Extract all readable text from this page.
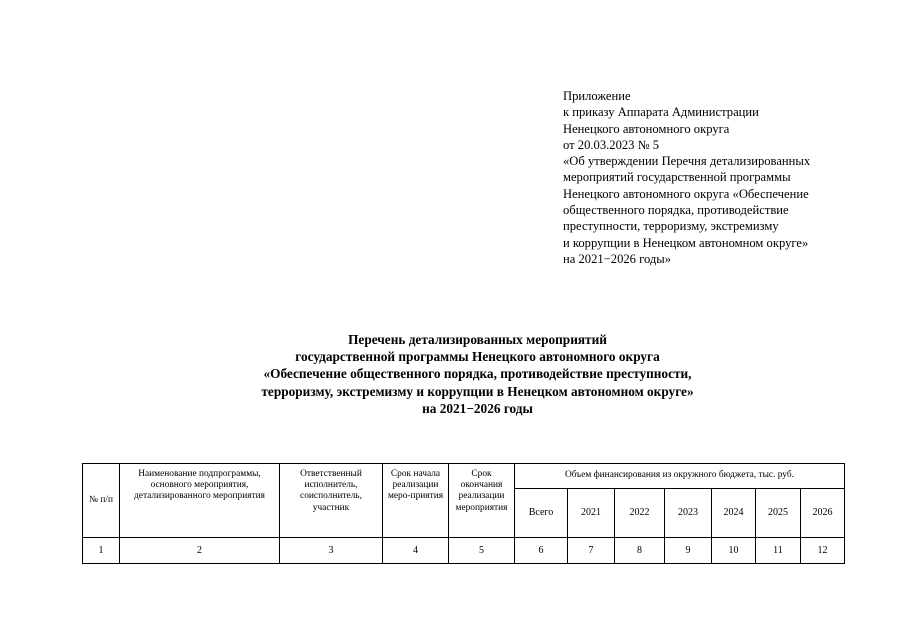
Приложение
к приказу Аппарата Администрации
Ненецкого автономного округа
от 20.03.2023 № 5
«Об утверждении Перечня детализированных
мероприятий государственной программы
Ненецкого автономного округа «Обеспечение
общественного порядка, противодействие
преступности, терроризму, экстремизму
и коррупции в Ненецком автономном округе»
на 2021−2026 годы»
Перечень детализированных мероприятий
государственной программы Ненецкого автономного округа
«Обеспечение общественного порядка, противодействие преступности,
терроризму, экстремизму и коррупции в Ненецком автономном округе»
на 2021−2026 годы
№ п/п	Наименование подпрограммы, основного мероприятия, детализированного мероприятия	Ответственный исполнитель, соисполнитель, участник	Срок начала реализации меро-приятия	Срок окончания реализации мероприятия	Объем финансирования из окружного бюджета, тыс. руб.						
					Всего	2021	2022	2023	2024	2025	2026
1	2	3	4	5	6	7	8	9	10	11	12
